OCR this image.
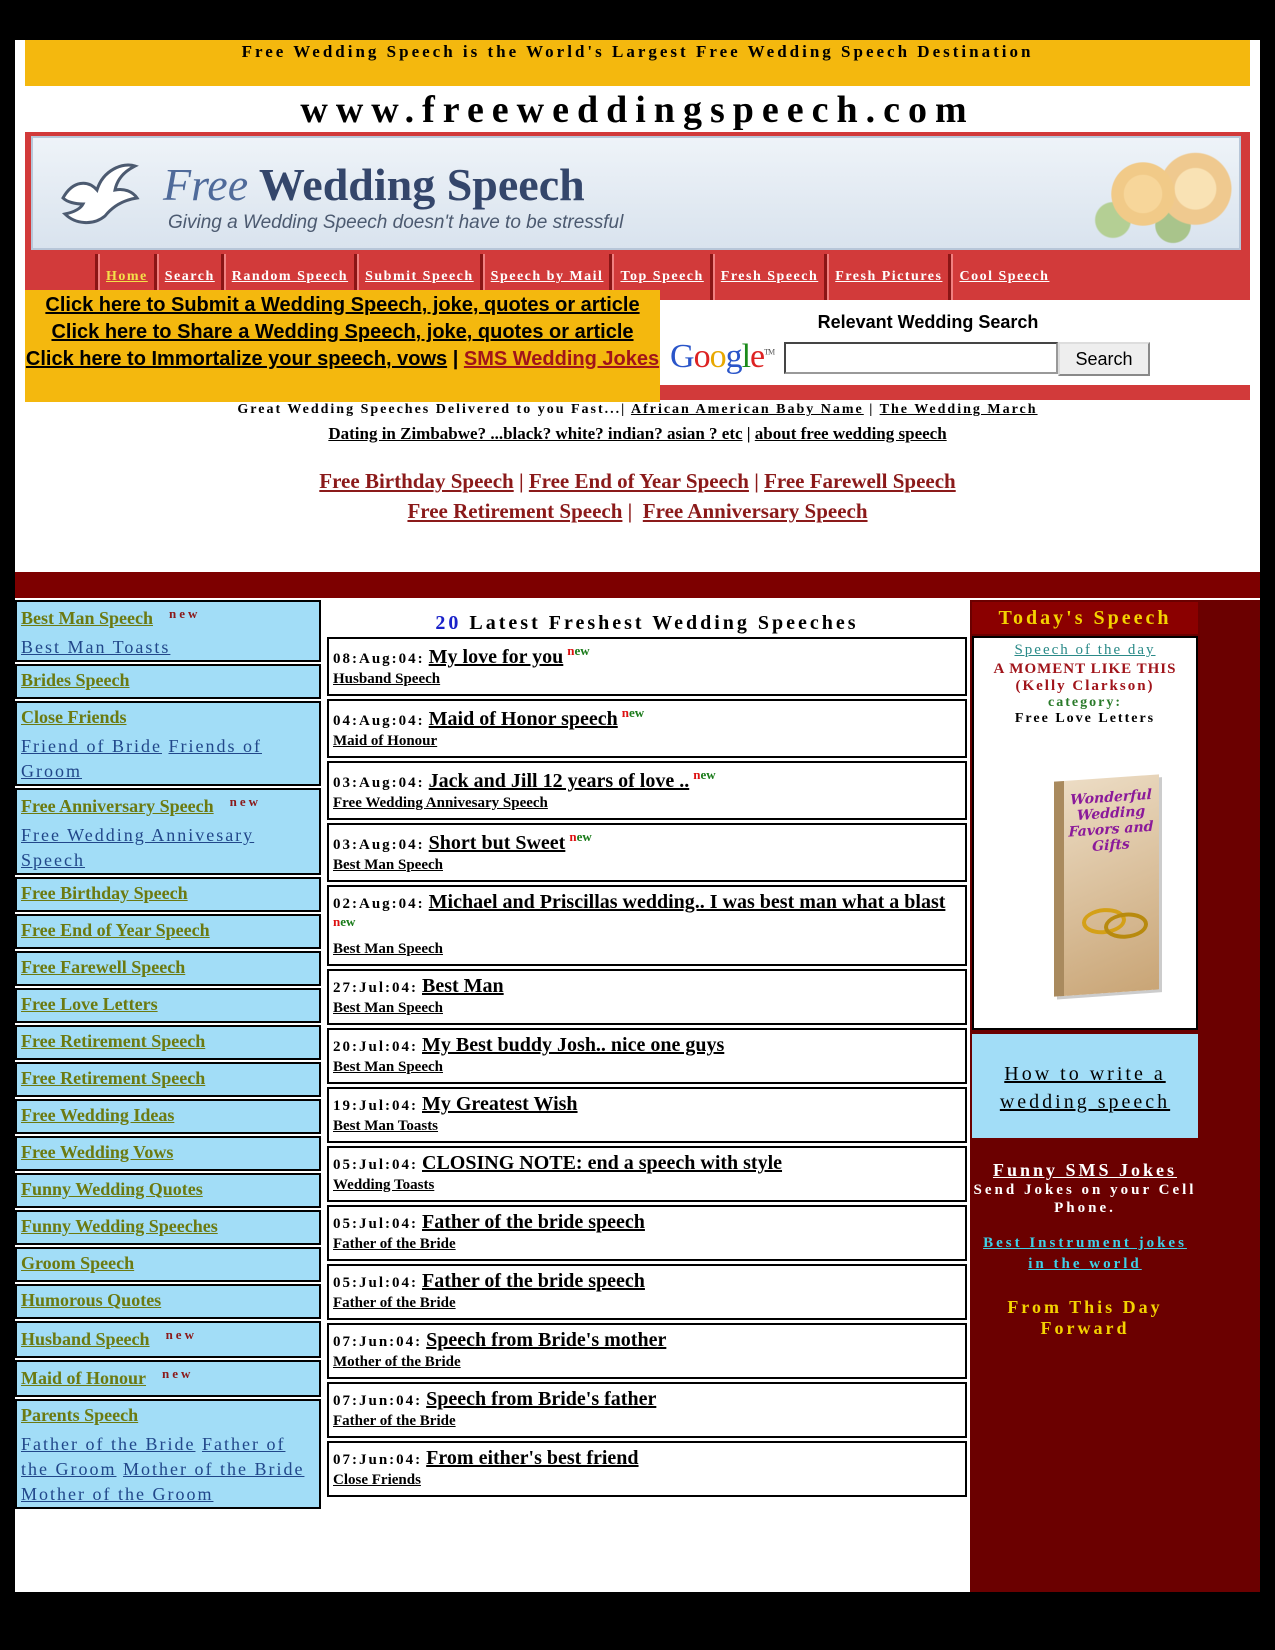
Free Wedding Speech is the World's Largest Free Wedding Speech Destination
www.freeweddingspeech.com
Free Wedding Speech
Giving a Wedding Speech doesn't have to be stressful
Home	Search	Random Speech	Submit Speech	Speech by Mail	Top Speech	Fresh Speech	Fresh Pictures	Cool Speech
Click here to Submit a Wedding Speech, joke, quotes or article
Click here to Share a Wedding Speech, joke, quotes or article
Click here to Immortalize your speech, vows | SMS Wedding Jokes
Relevant Wedding Search
Google™	Search
Great Wedding Speeches Delivered to you Fast...| African American Baby Name | The Wedding March
Dating in Zimbabwe? ...black? white? indian? asian ? etc | about free wedding speech
Free Birthday Speech | Free End of Year Speech | Free Farewell Speech
Free Retirement Speech |  Free Anniversary Speech
Best Man Speech $^{new}$
Best Man Toasts
Brides Speech
Close Friends
Friend of Bride Friends of Groom
Free Anniversary Speech $^{new}$
Free Wedding Annivesary Speech
Free Birthday Speech
Free End of Year Speech
Free Farewell Speech
Free Love Letters
Free Retirement Speech
Free Retirement Speech
Free Wedding Ideas
Free Wedding Vows
Funny Wedding Quotes
Funny Wedding Speeches
Groom Speech
Humorous Quotes
Husband Speech $^{new}$
Maid of Honour $^{new}$
Parents Speech
Father of the Bride Father of the Groom Mother of the Bride Mother of the Groom
20 Latest Freshest Wedding Speeches
08:Aug:04: My love for you $^{new}$
Husband Speech
04:Aug:04: Maid of Honor speech $^{new}$
Maid of Honour
03:Aug:04: Jack and Jill 12 years of love .. $^{new}$
Free Wedding Annivesary Speech
03:Aug:04: Short but Sweet $^{new}$
Best Man Speech
02:Aug:04: Michael and Priscillas wedding.. I was best man what a blast $^{new}$
Best Man Speech
27:Jul:04: Best Man
Best Man Speech
20:Jul:04: My Best buddy Josh.. nice one guys
Best Man Speech
19:Jul:04: My Greatest Wish
Best Man Toasts
05:Jul:04: CLOSING NOTE: end a speech with style
Wedding Toasts
05:Jul:04: Father of the bride speech
Father of the Bride
05:Jul:04: Father of the bride speech
Father of the Bride
07:Jun:04: Speech from Bride's mother
Mother of the Bride
07:Jun:04: Speech from Bride's father
Father of the Bride
07:Jun:04: From either's best friend
Close Friends
Today's Speech
Speech of the day
A MOMENT LIKE THIS
(Kelly Clarkson)
category:
Free Love Letters
Wonderful Wedding Favors and Gifts
How to write a wedding speech
Funny SMS Jokes
Send Jokes on your Cell Phone.
Best Instrument jokes in the world
From This Day Forward
